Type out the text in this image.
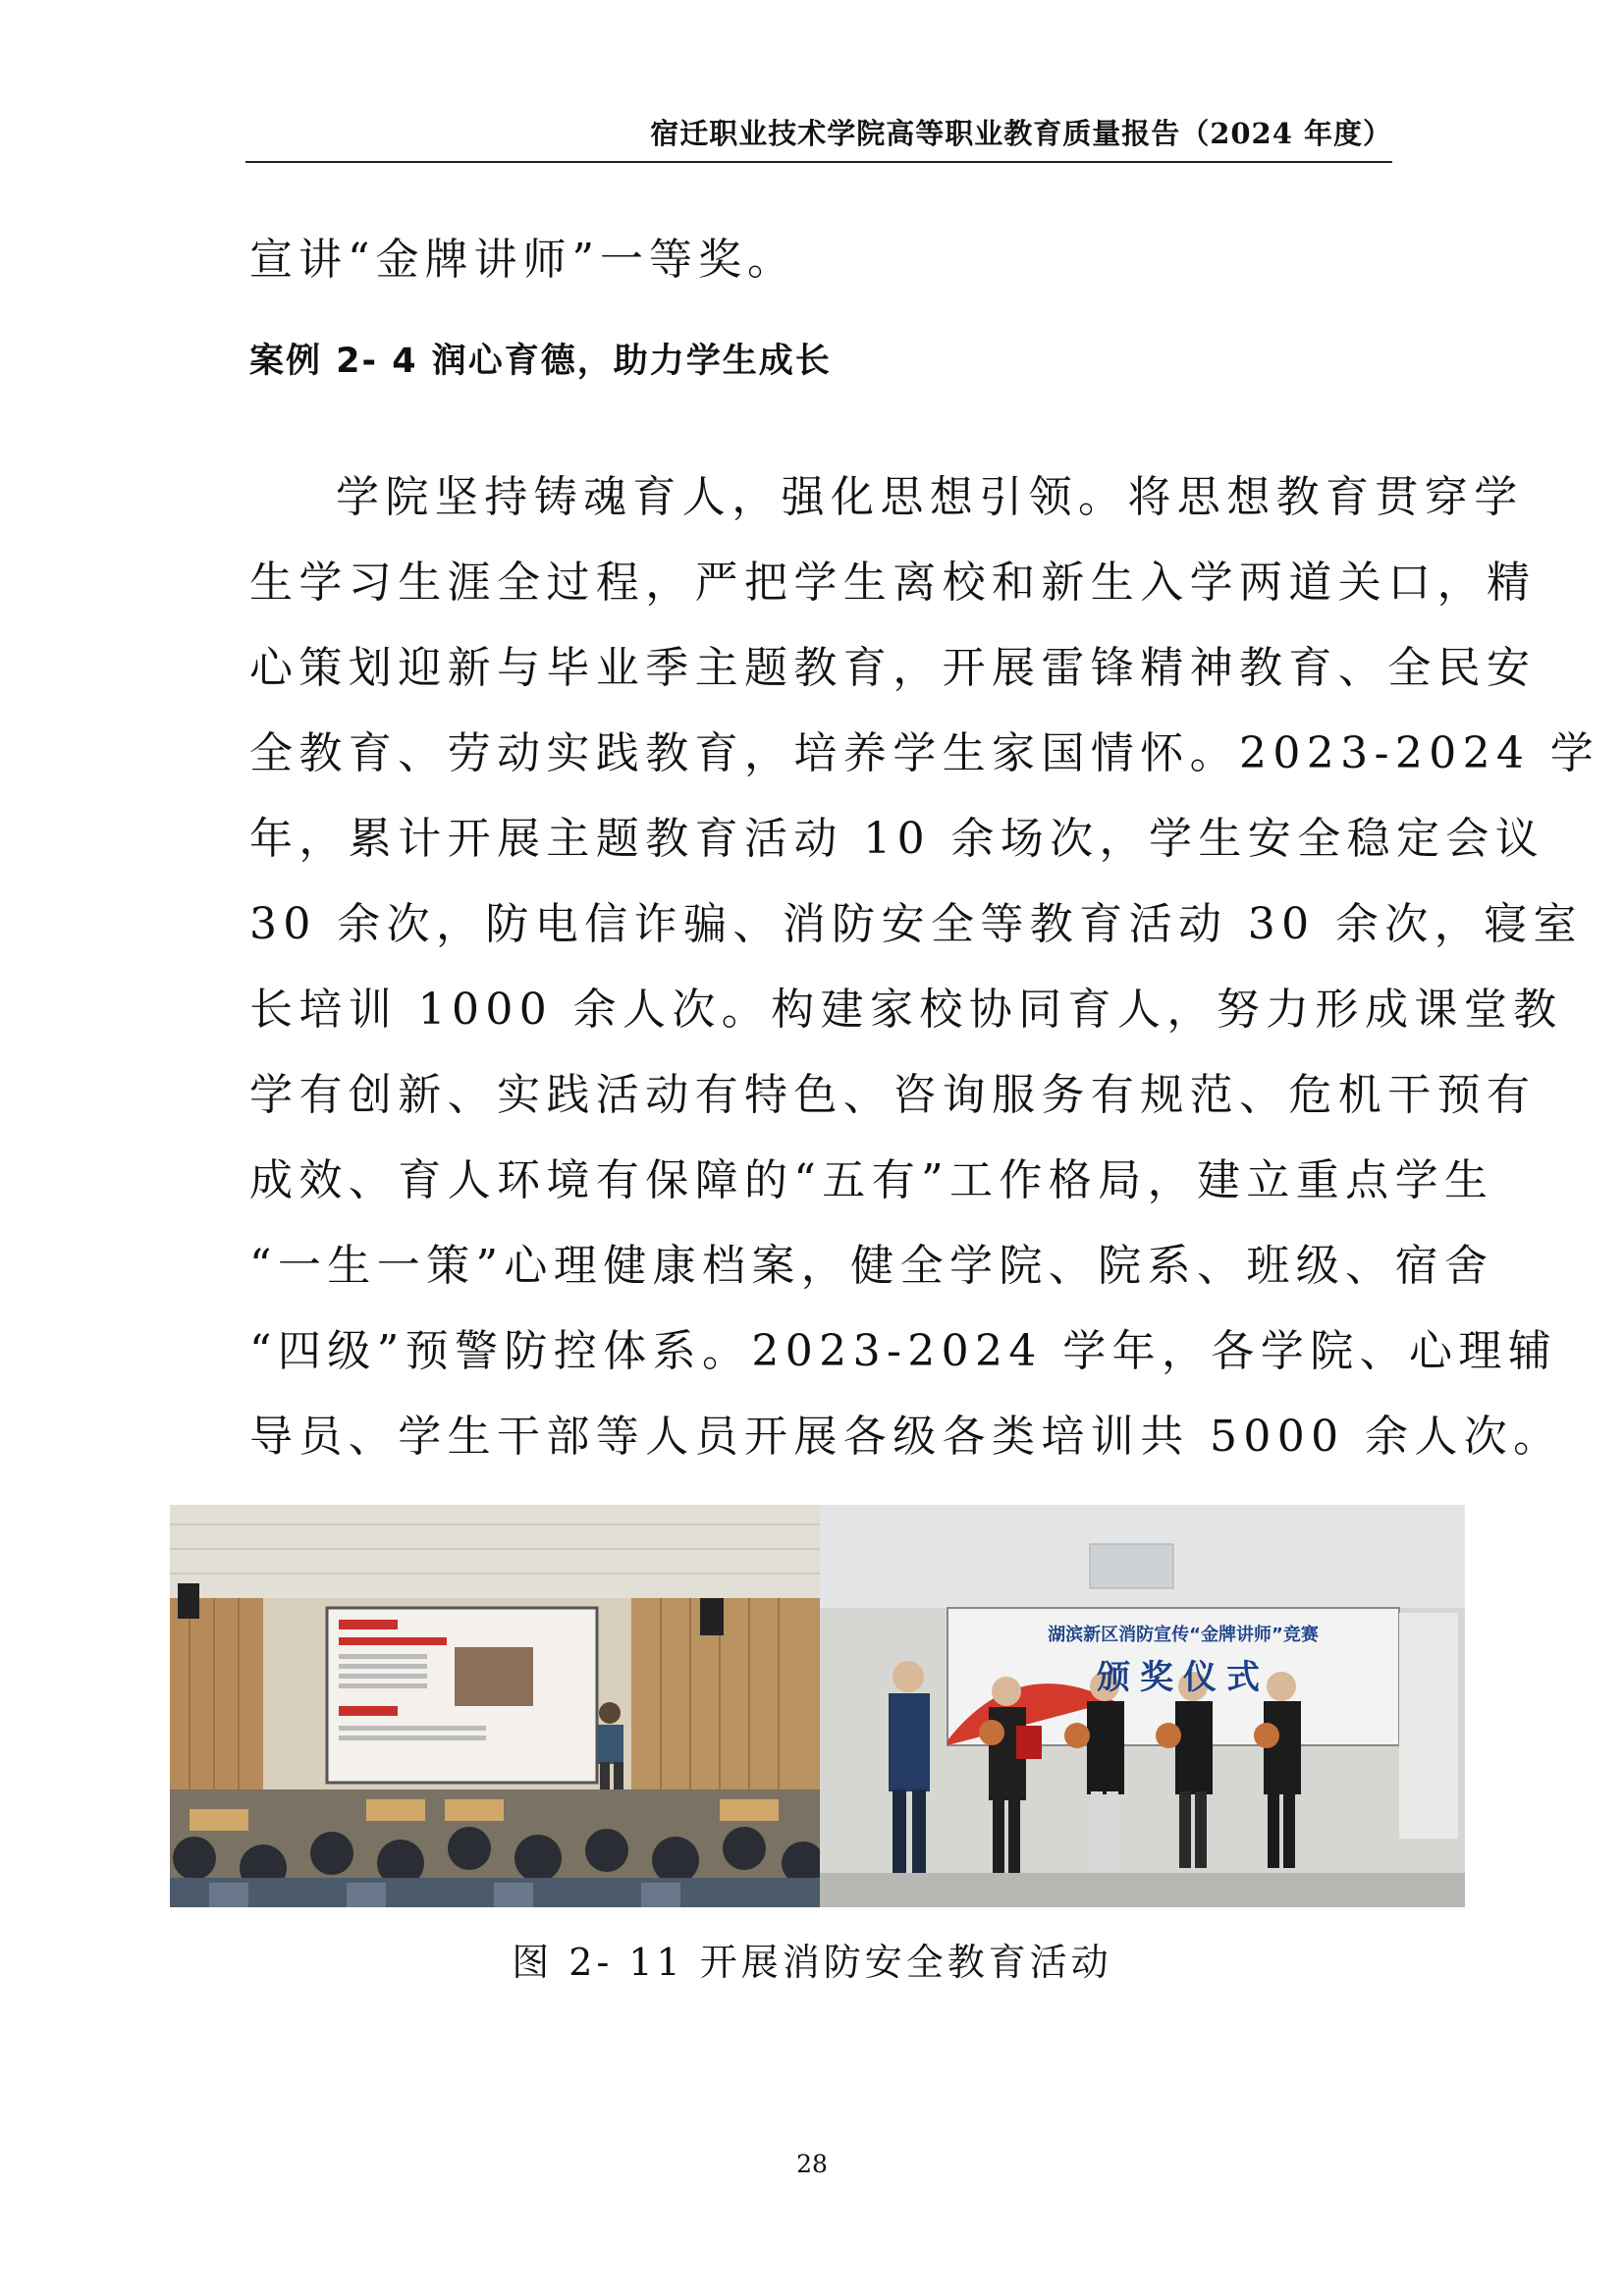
宿迁职业技术学院高等职业教育质量报告（2024 年度）
宣讲“金牌讲师”一等奖。
案例 2- 4 润心育德，助力学生成长
学院坚持铸魂育人，强化思想引领。将思想教育贯穿学
生学习生涯全过程，严把学生离校和新生入学两道关口，精
心策划迎新与毕业季主题教育，开展雷锋精神教育、全民安
全教育、劳动实践教育，培养学生家国情怀。2023-2024 学
年，累计开展主题教育活动 10 余场次，学生安全稳定会议
30 余次，防电信诈骗、消防安全等教育活动 30 余次，寝室
长培训 1000 余人次。构建家校协同育人，努力形成课堂教
学有创新、实践活动有特色、咨询服务有规范、危机干预有
成效、育人环境有保障的“五有”工作格局，建立重点学生
“一生一策”心理健康档案，健全学院、院系、班级、宿舍
“四级”预警防控体系。2023-2024 学年，各学院、心理辅
导员、学生干部等人员开展各级各类培训共 5000 余人次。
湖滨新区消防宣传“金牌讲师”竞赛
颁奖仪式
图 2- 11 开展消防安全教育活动
28
